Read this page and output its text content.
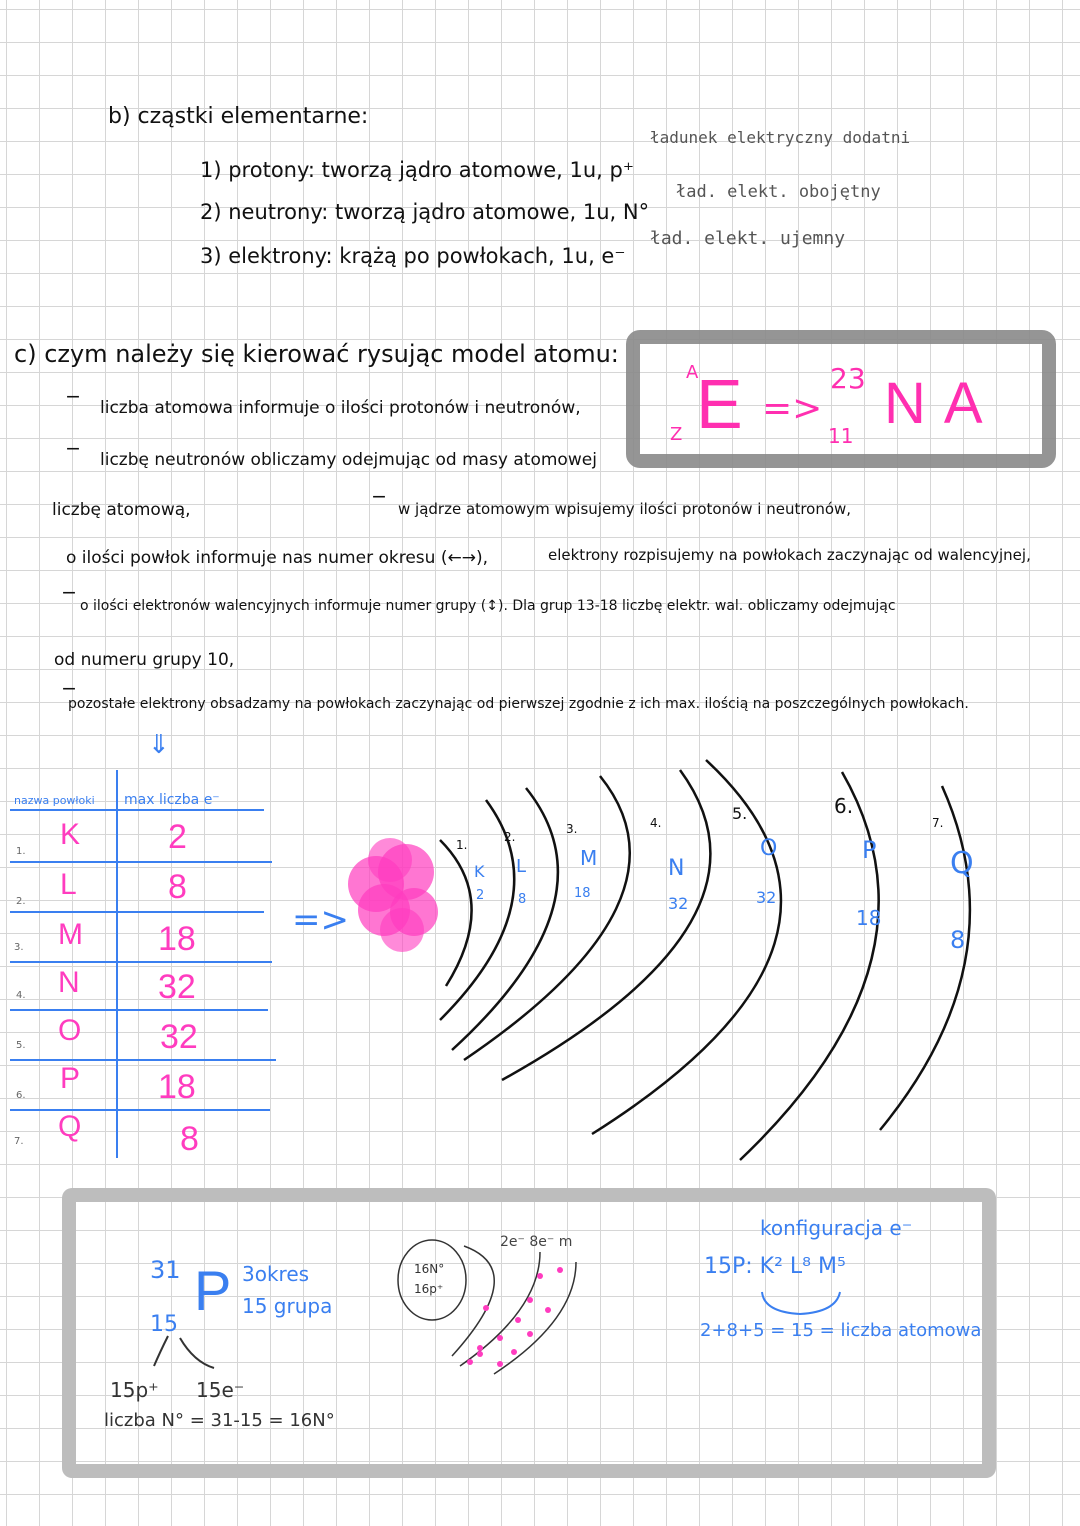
b) cząstki elementarne:
1) protony: tworzą jądro atomowe, 1u, p⁺
ładunek elektryczny dodatni
2) neutrony: tworzą jądro atomowe, 1u, N°
ład. elekt. obojętny
3) elektrony: krążą po powłokach, 1u, e⁻
ład. elekt. ujemny
c) czym należy się kierować rysując model atomu:
liczba atomowa informuje o ilości protonów i neutronów,
liczbę neutronów obliczamy odejmując od masy atomowej
liczbę atomową,	w jądrze atomowym wpisujemy ilości protonów i neutronów,
o ilości powłok informuje nas numer okresu (←→),	elektrony rozpisujemy na powłokach zaczynając od walencyjnej,
o ilości elektronów walencyjnych informuje numer grupy (↕). Dla grup 13-18 liczbę elektr. wal. obliczamy odejmując
od numeru grupy 10,
pozostałe elektrony obsadzamy na powłokach zaczynając od pierwszej zgodnie z ich max. ilością na poszczególnych powłokach.
‒
‒
‒
‒
‒
⇓
A
Z E =>
23
11 NA
nazwa powłoki max liczba e⁻
1.
K	2
2.
L	8
3. M 18
4. N 32
5. O 32
6.
P 18
7. Q	8
=>
1.
K
2
2.
L
8
3.
M
18
4.
N
32
5.
O
32
6.
P
18
7.
Q
8
31
15
P 3okres
15 grupa
15p⁺ 15e⁻
liczba N° = 31-15 = 16N°
16N°
16p⁺
2e⁻ 8e⁻ m
konfiguracja e⁻
15P: K² L⁸ M⁵
2+8+5 = 15 = liczba atomowa
